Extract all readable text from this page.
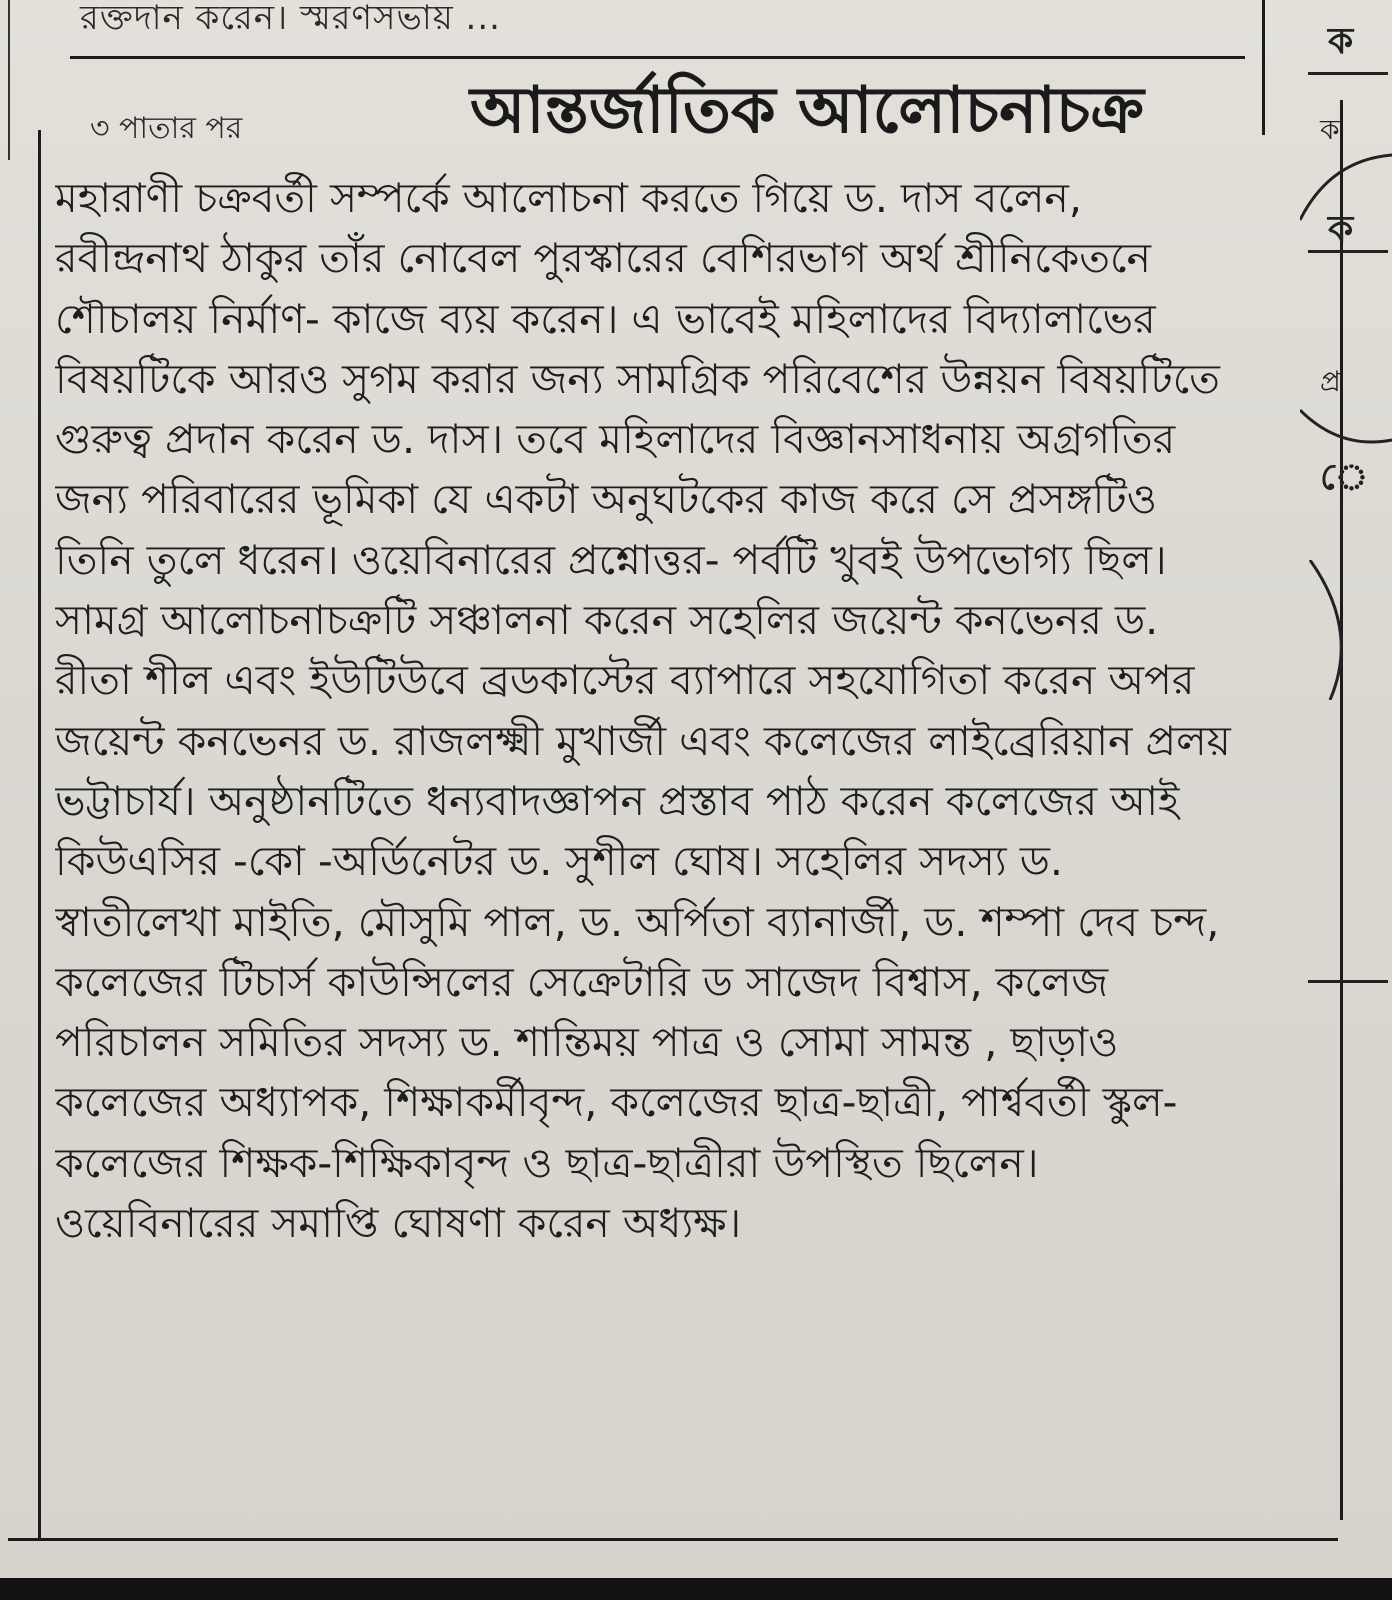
রক্তদান করেন। স্মরণসভায় ...
৩ পাতার পর	আন্তর্জাতিক আলোচনাচক্র
মহারাণী চক্রবর্তী সম্পর্কে আলোচনা করতে গিয়ে ড. দাস বলেন,
রবীন্দ্রনাথ ঠাকুর তাঁর নোবেল পুরস্কারের বেশিরভাগ অর্থ শ্রীনিকেতনে
শৌচালয় নির্মাণ- কাজে ব্যয় করেন। এ ভাবেই মহিলাদের বিদ্যালাভের
বিষয়টিকে আরও সুগম করার জন্য সামগ্রিক পরিবেশের উন্নয়ন বিষয়টিতে
গুরুত্ব প্রদান করেন ড. দাস। তবে মহিলাদের বিজ্ঞানসাধনায় অগ্রগতির
জন্য পরিবারের ভূমিকা যে একটা অনুঘটকের কাজ করে সে প্রসঙ্গটিও
তিনি তুলে ধরেন। ওয়েবিনারের প্রশ্নোত্তর- পর্বটি খুবই উপভোগ্য ছিল।
সামগ্র আলোচনাচক্রটি সঞ্চালনা করেন সহেলির জয়েন্ট কনভেনর ড.
রীতা শীল এবং ইউটিউবে ব্রডকাস্টের ব্যাপারে সহযোগিতা করেন অপর
জয়েন্ট কনভেনর ড. রাজলক্ষ্মী মুখার্জী এবং কলেজের লাইব্রেরিয়ান প্রলয়
ভট্টাচার্য। অনুষ্ঠানটিতে ধন্যবাদজ্ঞাপন প্রস্তাব পাঠ করেন কলেজের আই
কিউএসির -কো -অর্ডিনেটর ড. সুশীল ঘোষ। সহেলির সদস্য ড.
স্বাতীলেখা মাইতি, মৌসুমি পাল, ড. অর্পিতা ব্যানার্জী, ড. শম্পা দেব চন্দ,
কলেজের টিচার্স কাউন্সিলের সেক্রেটারি ড সাজেদ বিশ্বাস, কলেজ
পরিচালন সমিতির সদস্য ড. শান্তিময় পাত্র ও সোমা সামন্ত , ছাড়াও
কলেজের অধ্যাপক, শিক্ষাকর্মীবৃন্দ, কলেজের ছাত্র-ছাত্রী, পার্শ্ববর্তী স্কুল-
কলেজের শিক্ষক-শিক্ষিকাবৃন্দ ও ছাত্র-ছাত্রীরা উপস্থিত ছিলেন।
ওয়েবিনারের সমাপ্তি ঘোষণা করেন অধ্যক্ষ।
ক
ক
ক
প্র
ে
